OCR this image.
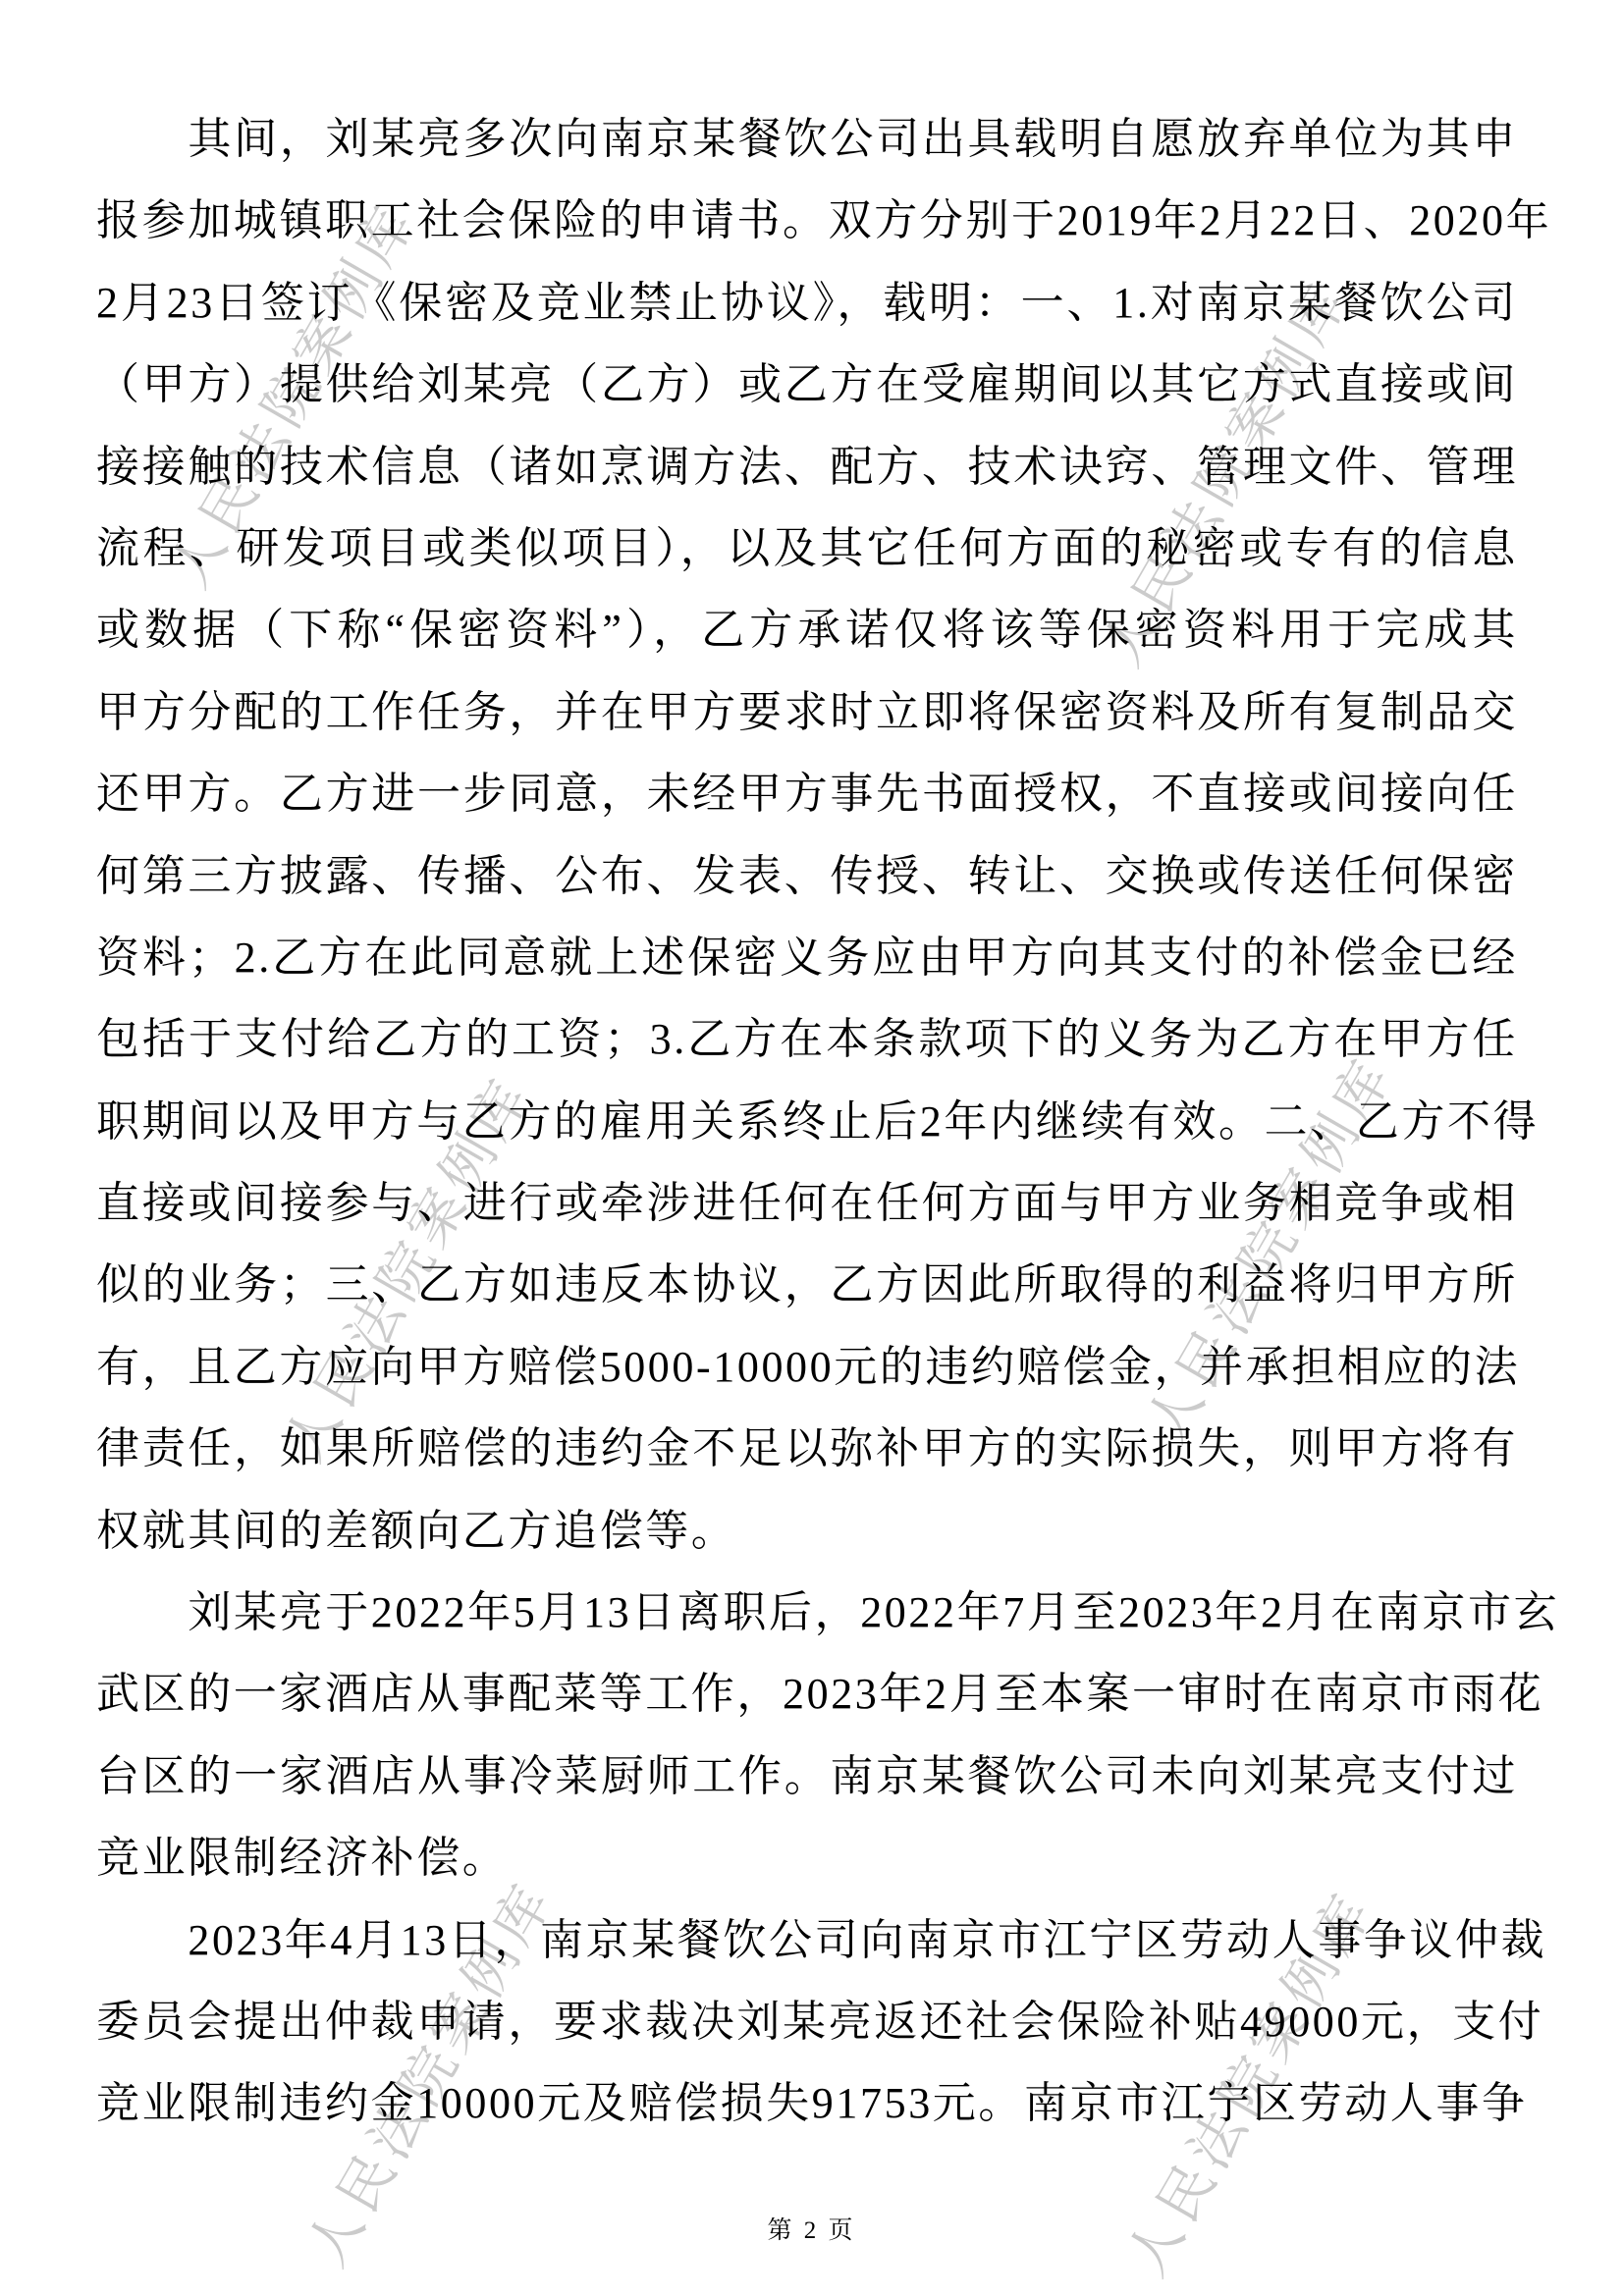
人民法院案例库	人民法院案例库
人民法院案例库	人民法院案例库
人民法院案例库	人民法院案例库
其间，刘某亮多次向南京某餐饮公司出具载明自愿放弃单位为其申
报参加城镇职工社会保险的申请书。双方分别于2019年2月22日、2020年
2月23日签订《保密及竞业禁止协议》，载明：一、1.对南京某餐饮公司
（甲方）提供给刘某亮（乙方）或乙方在受雇期间以其它方式直接或间
接接触的技术信息（诸如烹调方法、配方、技术诀窍、管理文件、管理
流程、研发项目或类似项目），以及其它任何方面的秘密或专有的信息
或数据（下称“保密资料”），乙方承诺仅将该等保密资料用于完成其
甲方分配的工作任务，并在甲方要求时立即将保密资料及所有复制品交
还甲方。乙方进一步同意，未经甲方事先书面授权，不直接或间接向任
何第三方披露、传播、公布、发表、传授、转让、交换或传送任何保密
资料；2.乙方在此同意就上述保密义务应由甲方向其支付的补偿金已经
包括于支付给乙方的工资；3.乙方在本条款项下的义务为乙方在甲方任
职期间以及甲方与乙方的雇用关系终止后2年内继续有效。二、乙方不得
直接或间接参与、进行或牵涉进任何在任何方面与甲方业务相竞争或相
似的业务；三、乙方如违反本协议，乙方因此所取得的利益将归甲方所
有，且乙方应向甲方赔偿5000-10000元的违约赔偿金，并承担相应的法
律责任，如果所赔偿的违约金不足以弥补甲方的实际损失，则甲方将有
权就其间的差额向乙方追偿等。
刘某亮于2022年5月13日离职后，2022年7月至2023年2月在南京市玄
武区的一家酒店从事配菜等工作，2023年2月至本案一审时在南京市雨花
台区的一家酒店从事冷菜厨师工作。南京某餐饮公司未向刘某亮支付过
竞业限制经济补偿。
2023年4月13日，南京某餐饮公司向南京市江宁区劳动人事争议仲裁
委员会提出仲裁申请，要求裁决刘某亮返还社会保险补贴49000元，支付
竞业限制违约金10000元及赔偿损失91753元。南京市江宁区劳动人事争
第 2 页
